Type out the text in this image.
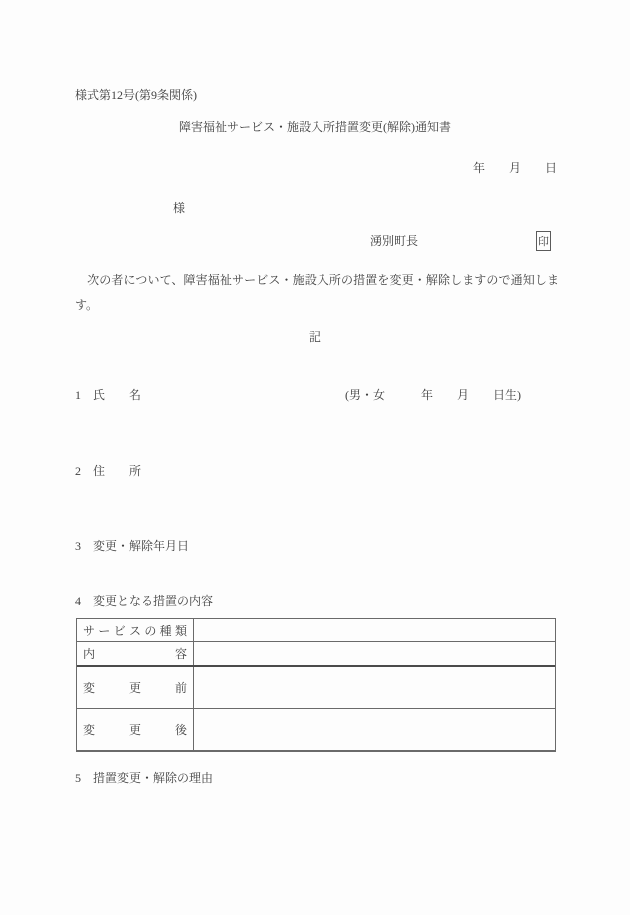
様式第12号(第9条関係)
障害福祉サービス・施設入所措置変更(解除)通知書
年　　月　　日
様
湧別町長	印
　次の者について、障害福祉サービス・施設入所の措置を変更・解除しますので通知します。
記
1　氏　　名	(男・女　　　年　　月　　日生)
2　住　　所
3　変更・解除年月日
4　変更となる措置の内容
サ ー ビ ス の 種 類
内	容
変	更	前
変	更	後
5　措置変更・解除の理由
